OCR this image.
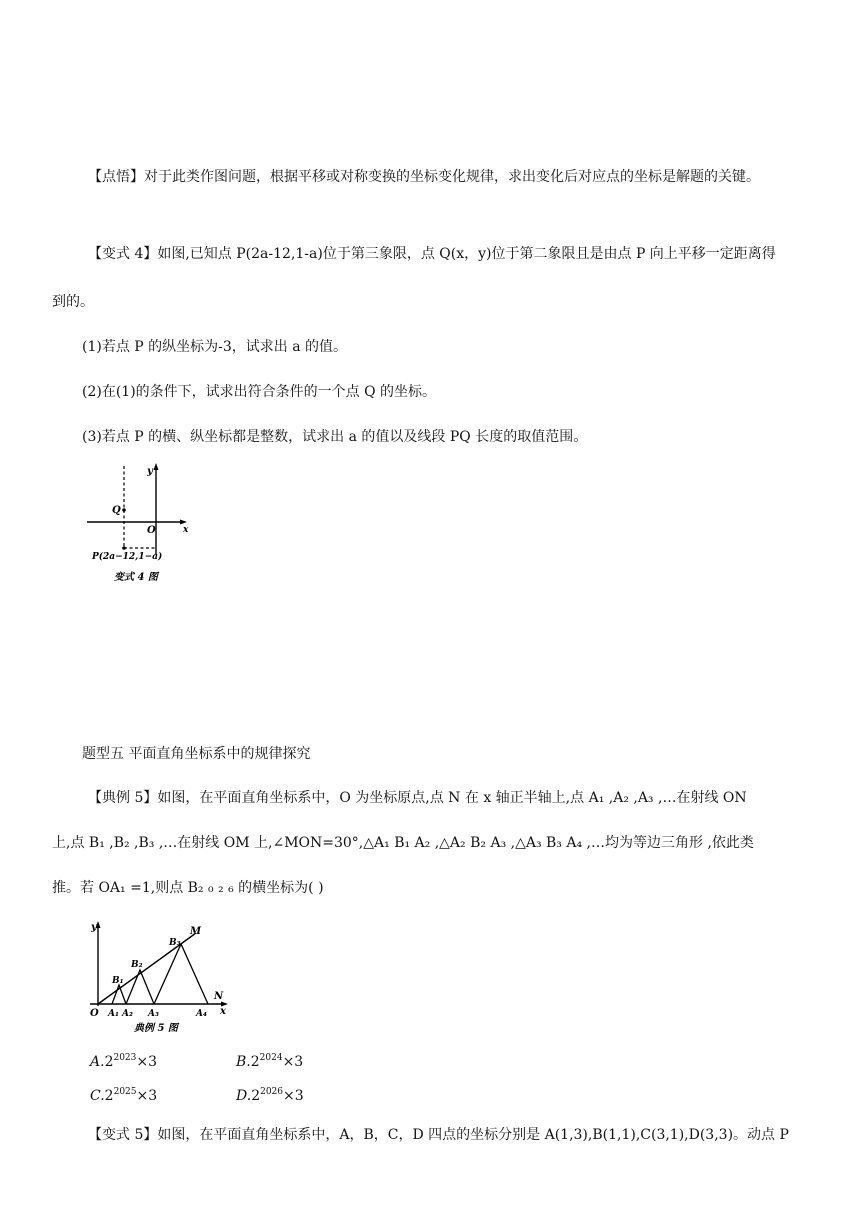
【点悟】对于此类作图问题，根据平移或对称变换的坐标变化规律，求出变化后对应点的坐标是解题的关键。
【变式 4】如图,已知点 P(2a-12,1-a)位于第三象限，点 Q(x，y)位于第二象限且是由点 P 向上平移一定距离得
到的。
(1)若点 P 的纵坐标为-3，试求出 a 的值。
(2)在(1)的条件下，试求出符合条件的一个点 Q 的坐标。
(3)若点 P 的横、纵坐标都是整数，试求出 a 的值以及线段 PQ 长度的取值范围。
y
x
Q
O
P(2a−12,1−a)
变式 4 图
题型五 平面直角坐标系中的规律探究
【典例 5】如图，在平面直角坐标系中，O 为坐标原点,点 N 在 x 轴正半轴上,点 A₁ ,A₂ ,A₃ ,…在射线 ON
上,点 B₁ ,B₂ ,B₃ ,…在射线 OM 上,∠MON=30°,△A₁ B₁ A₂ ,△A₂ B₂ A₃ ,△A₃ B₃ A₄ ,…均为等边三角形 ,依此类
推。若 OA₁ =1,则点 B₂ ₀ ₂ ₆ 的横坐标为( )
y	M
N
x
O
B₁
B₂
B₃
A₁ A₂ A₃	A₄
典例 5 图
$A.2^{2023}\times 3$	$B.2^{2024}\times 3$
$C.2^{2025}\times 3$	$D.2^{2026}\times 3$
【变式 5】如图，在平面直角坐标系中，A，B，C，D 四点的坐标分别是 A(1,3),B(1,1),C(3,1),D(3,3)。动点 P
